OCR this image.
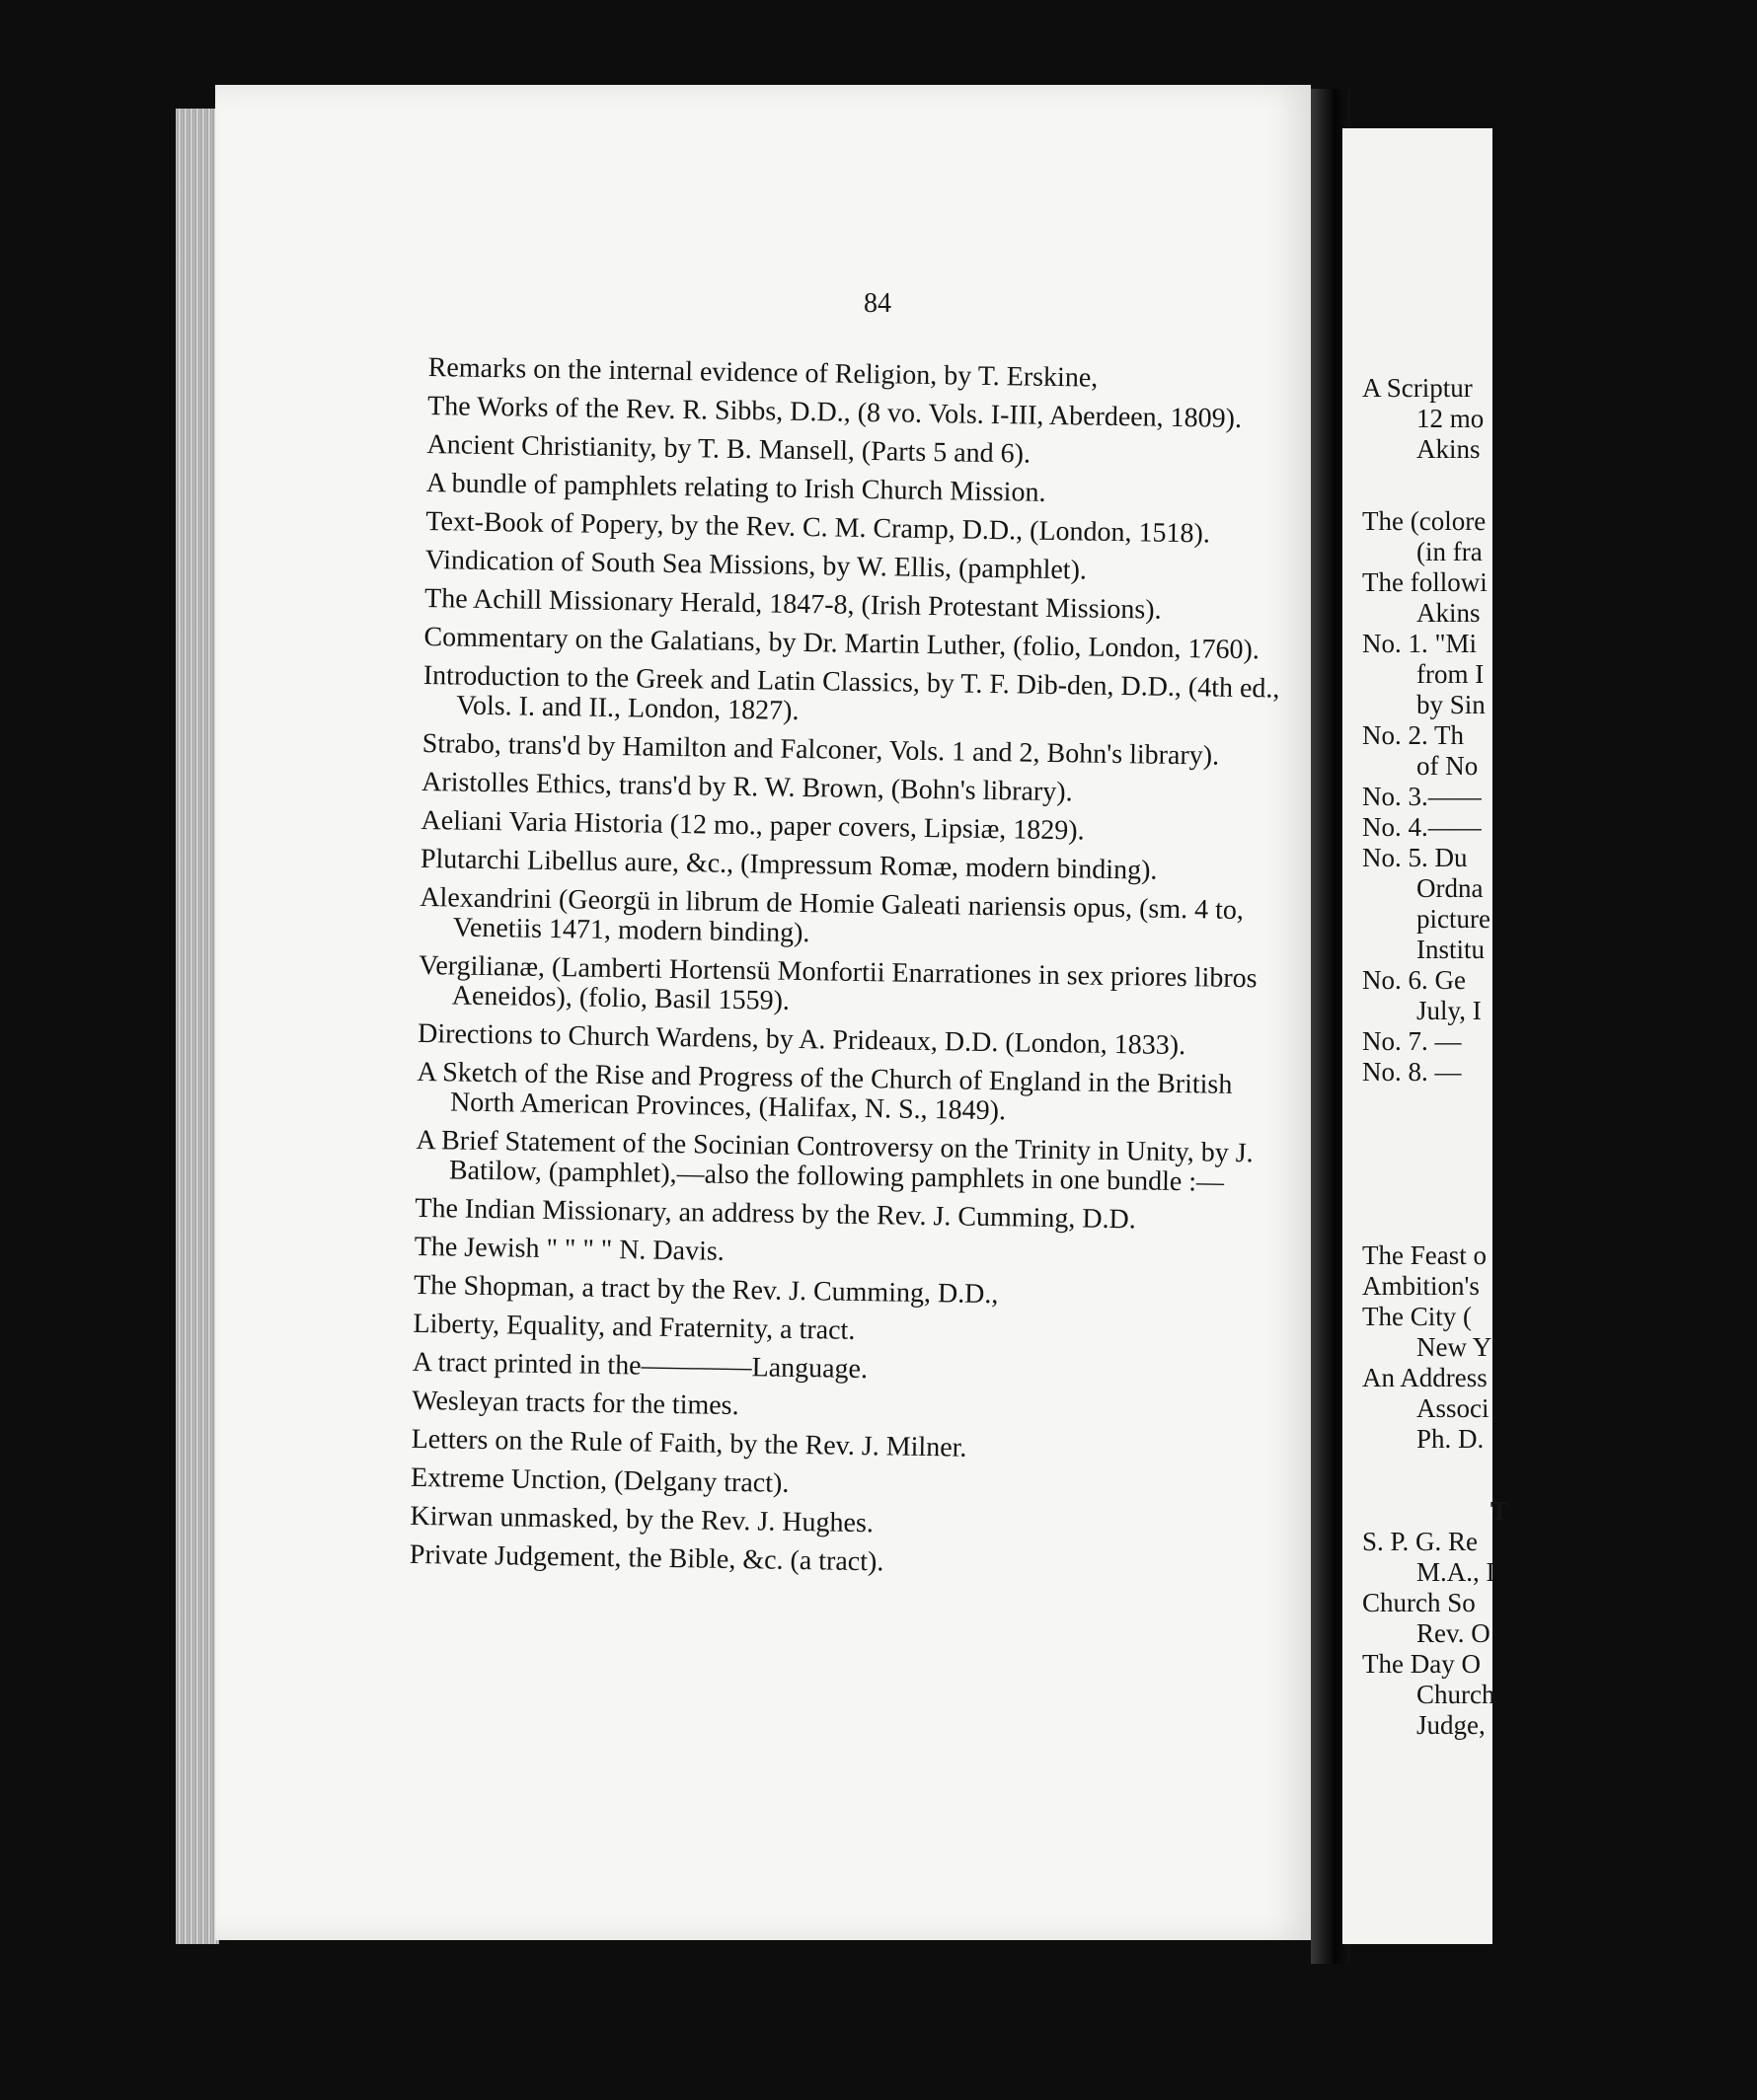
84
Remarks on the internal evidence of Religion, by T. Erskine,
The Works of the Rev. R. Sibbs, D.D., (8 vo. Vols. I-III, Aberdeen, 1809).
Ancient Christianity, by T. B. Mansell, (Parts 5 and 6).
A bundle of pamphlets relating to Irish Church Mission.
Text-Book of Popery, by the Rev. C. M. Cramp, D.D., (London, 1518).
Vindication of South Sea Missions, by W. Ellis, (pamphlet).
The Achill Missionary Herald, 1847-8, (Irish Protestant Missions).
Commentary on the Galatians, by Dr. Martin Luther, (folio, London, 1760).
Introduction to the Greek and Latin Classics, by T. F. Dib-den, D.D., (4th ed., Vols. I. and II., London, 1827).
Strabo, trans'd by Hamilton and Falconer, Vols. 1 and 2, Bohn's library).
Aristolles Ethics, trans'd by R. W. Brown, (Bohn's library).
Aeliani Varia Historia (12 mo., paper covers, Lipsiæ, 1829).
Plutarchi Libellus aure, &c., (Impressum Romæ, modern binding).
Alexandrini (Georgü in librum de Homie Galeati nariensis opus, (sm. 4 to, Venetiis 1471, modern binding).
Vergilianæ, (Lamberti Hortensü Monfortii Enarrationes in sex priores libros Aeneidos), (folio, Basil 1559).
Directions to Church Wardens, by A. Prideaux, D.D. (London, 1833).
A Sketch of the Rise and Progress of the Church of England in the British North American Provinces, (Halifax, N. S., 1849).
A Brief Statement of the Socinian Controversy on the Trinity in Unity, by J. Batilow, (pamphlet),—also the following pamphlets in one bundle :—
The Indian Missionary, an address by the Rev. J. Cumming, D.D.
The Jewish " " " " N. Davis.
The Shopman, a tract by the Rev. J. Cumming, D.D.,
Liberty, Equality, and Fraternity, a tract.
A tract printed in the————Language.
Wesleyan tracts for the times.
Letters on the Rule of Faith, by the Rev. J. Milner.
Extreme Unction, (Delgany tract).
Kirwan unmasked, by the Rev. J. Hughes.
Private Judgement, the Bible, &c. (a tract).
A Scriptur
12 mo
Akins
The (colore
(in fra
The followi
Akins
No. 1. "Mi
from I
by Sin
No. 2. Th
of No
No. 3.——
No. 4.——
No. 5. Du
Ordna
picture
Institu
No. 6. Ge
July, I
No. 7. —
No. 8. —
The Feast o
Ambition's
The City (
New Y
An Address
Associ
Ph. D.
T
S. P. G. Re
M.A., I
Church So
Rev. O
The Day O
Church
Judge,
